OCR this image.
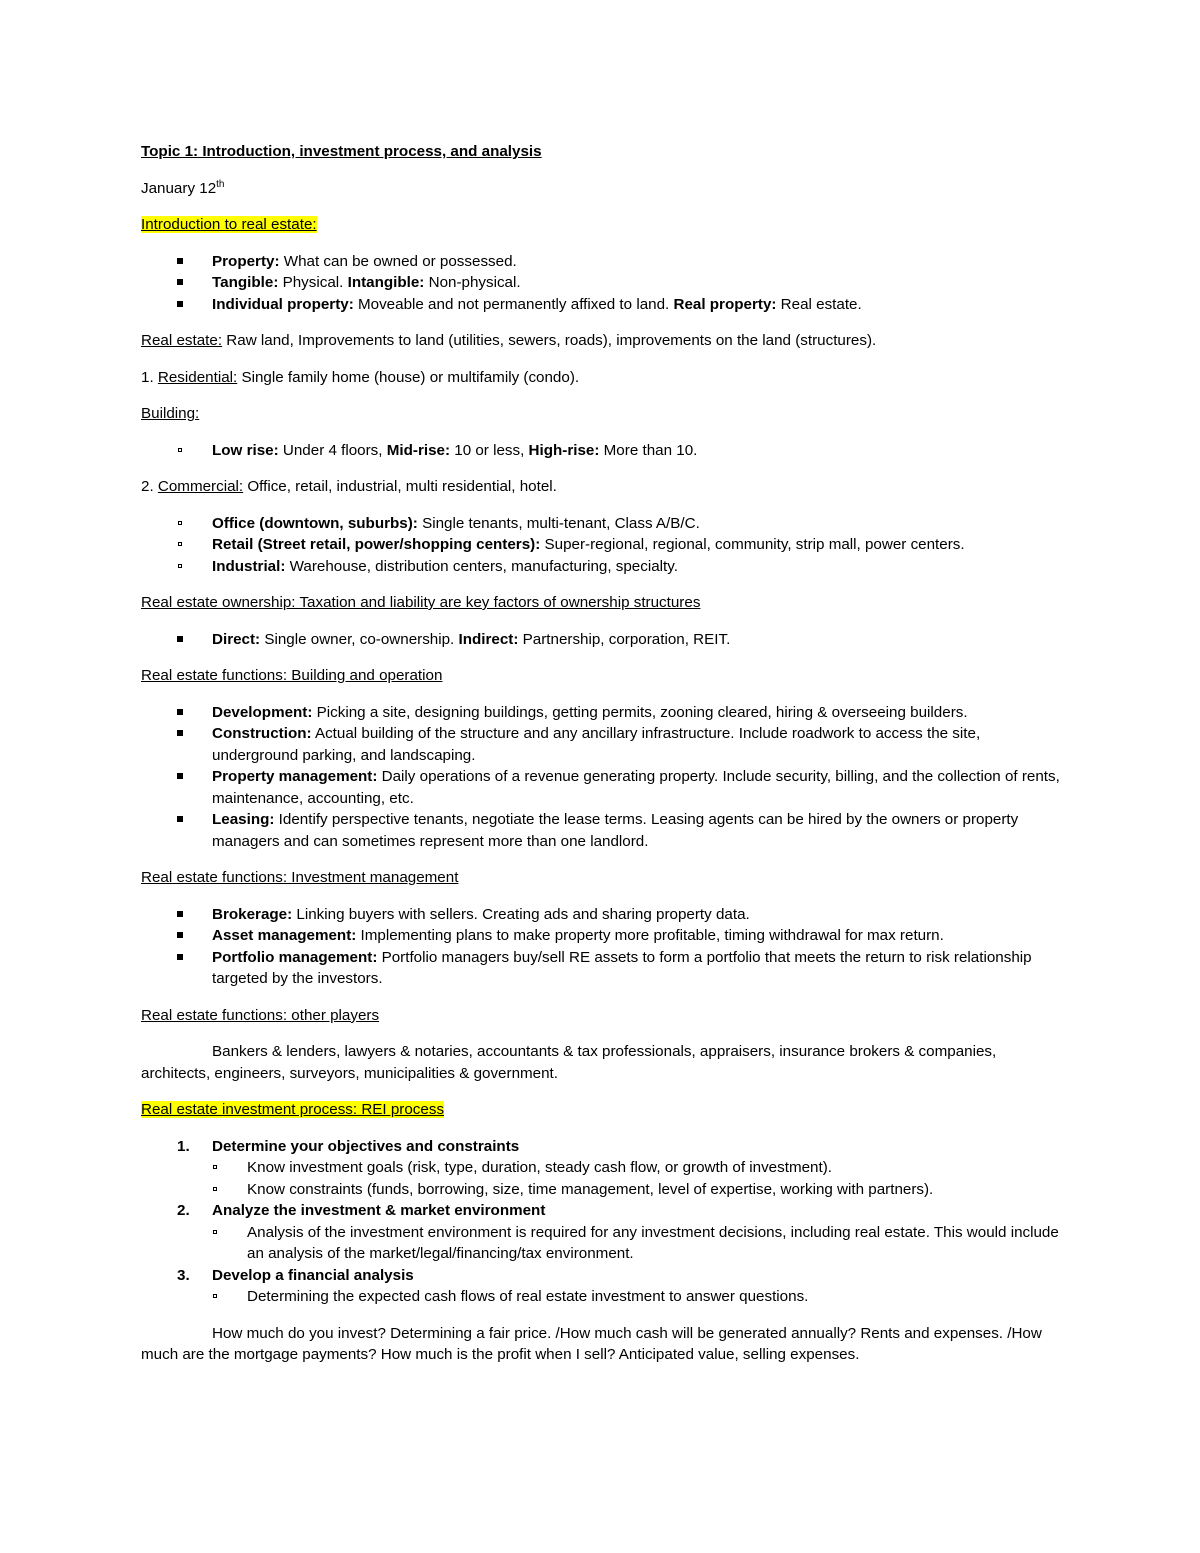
Topic 1: Introduction, investment process, and analysis

January 12th

Introduction to real estate:

Property: What can be owned or possessed.
Tangible: Physical. Intangible: Non-physical.
Individual property: Moveable and not permanently affixed to land. Real property: Real estate.

Real estate: Raw land, Improvements to land (utilities, sewers, roads), improvements on the land (structures).

1. Residential: Single family home (house) or multifamily (condo).

Building:

Low rise: Under 4 floors, Mid-rise: 10 or less, High-rise: More than 10.

2. Commercial: Office, retail, industrial, multi residential, hotel.

Office (downtown, suburbs): Single tenants, multi-tenant, Class A/B/C.
Retail (Street retail, power/shopping centers): Super-regional, regional, community, strip mall, power centers.
Industrial: Warehouse, distribution centers, manufacturing, specialty.

Real estate ownership: Taxation and liability are key factors of ownership structures

Direct: Single owner, co-ownership. Indirect: Partnership, corporation, REIT.

Real estate functions: Building and operation

Development: Picking a site, designing buildings, getting permits, zooning cleared, hiring & overseeing builders.
Construction: Actual building of the structure and any ancillary infrastructure. Include roadwork to access the site, underground parking, and landscaping.
Property management: Daily operations of a revenue generating property. Include security, billing, and the collection of rents, maintenance, accounting, etc.
Leasing: Identify perspective tenants, negotiate the lease terms. Leasing agents can be hired by the owners or property managers and can sometimes represent more than one landlord.

Real estate functions: Investment management

Brokerage: Linking buyers with sellers. Creating ads and sharing property data.
Asset management: Implementing plans to make property more profitable, timing withdrawal for max return.
Portfolio management: Portfolio managers buy/sell RE assets to form a portfolio that meets the return to risk relationship targeted by the investors.

Real estate functions: other players

Bankers & lenders, lawyers & notaries, accountants & tax professionals, appraisers, insurance brokers & companies, architects, engineers, surveyors, municipalities & government.

Real estate investment process: REI process

1. Determine your objectives and constraints
Know investment goals (risk, type, duration, steady cash flow, or growth of investment).
Know constraints (funds, borrowing, size, time management, level of expertise, working with partners).
2. Analyze the investment & market environment
Analysis of the investment environment is required for any investment decisions, including real estate. This would include an analysis of the market/legal/financing/tax environment.
3. Develop a financial analysis
Determining the expected cash flows of real estate investment to answer questions.

How much do you invest? Determining a fair price. /How much cash will be generated annually? Rents and expenses. /How much are the mortgage payments? How much is the profit when I sell? Anticipated value, selling expenses.
